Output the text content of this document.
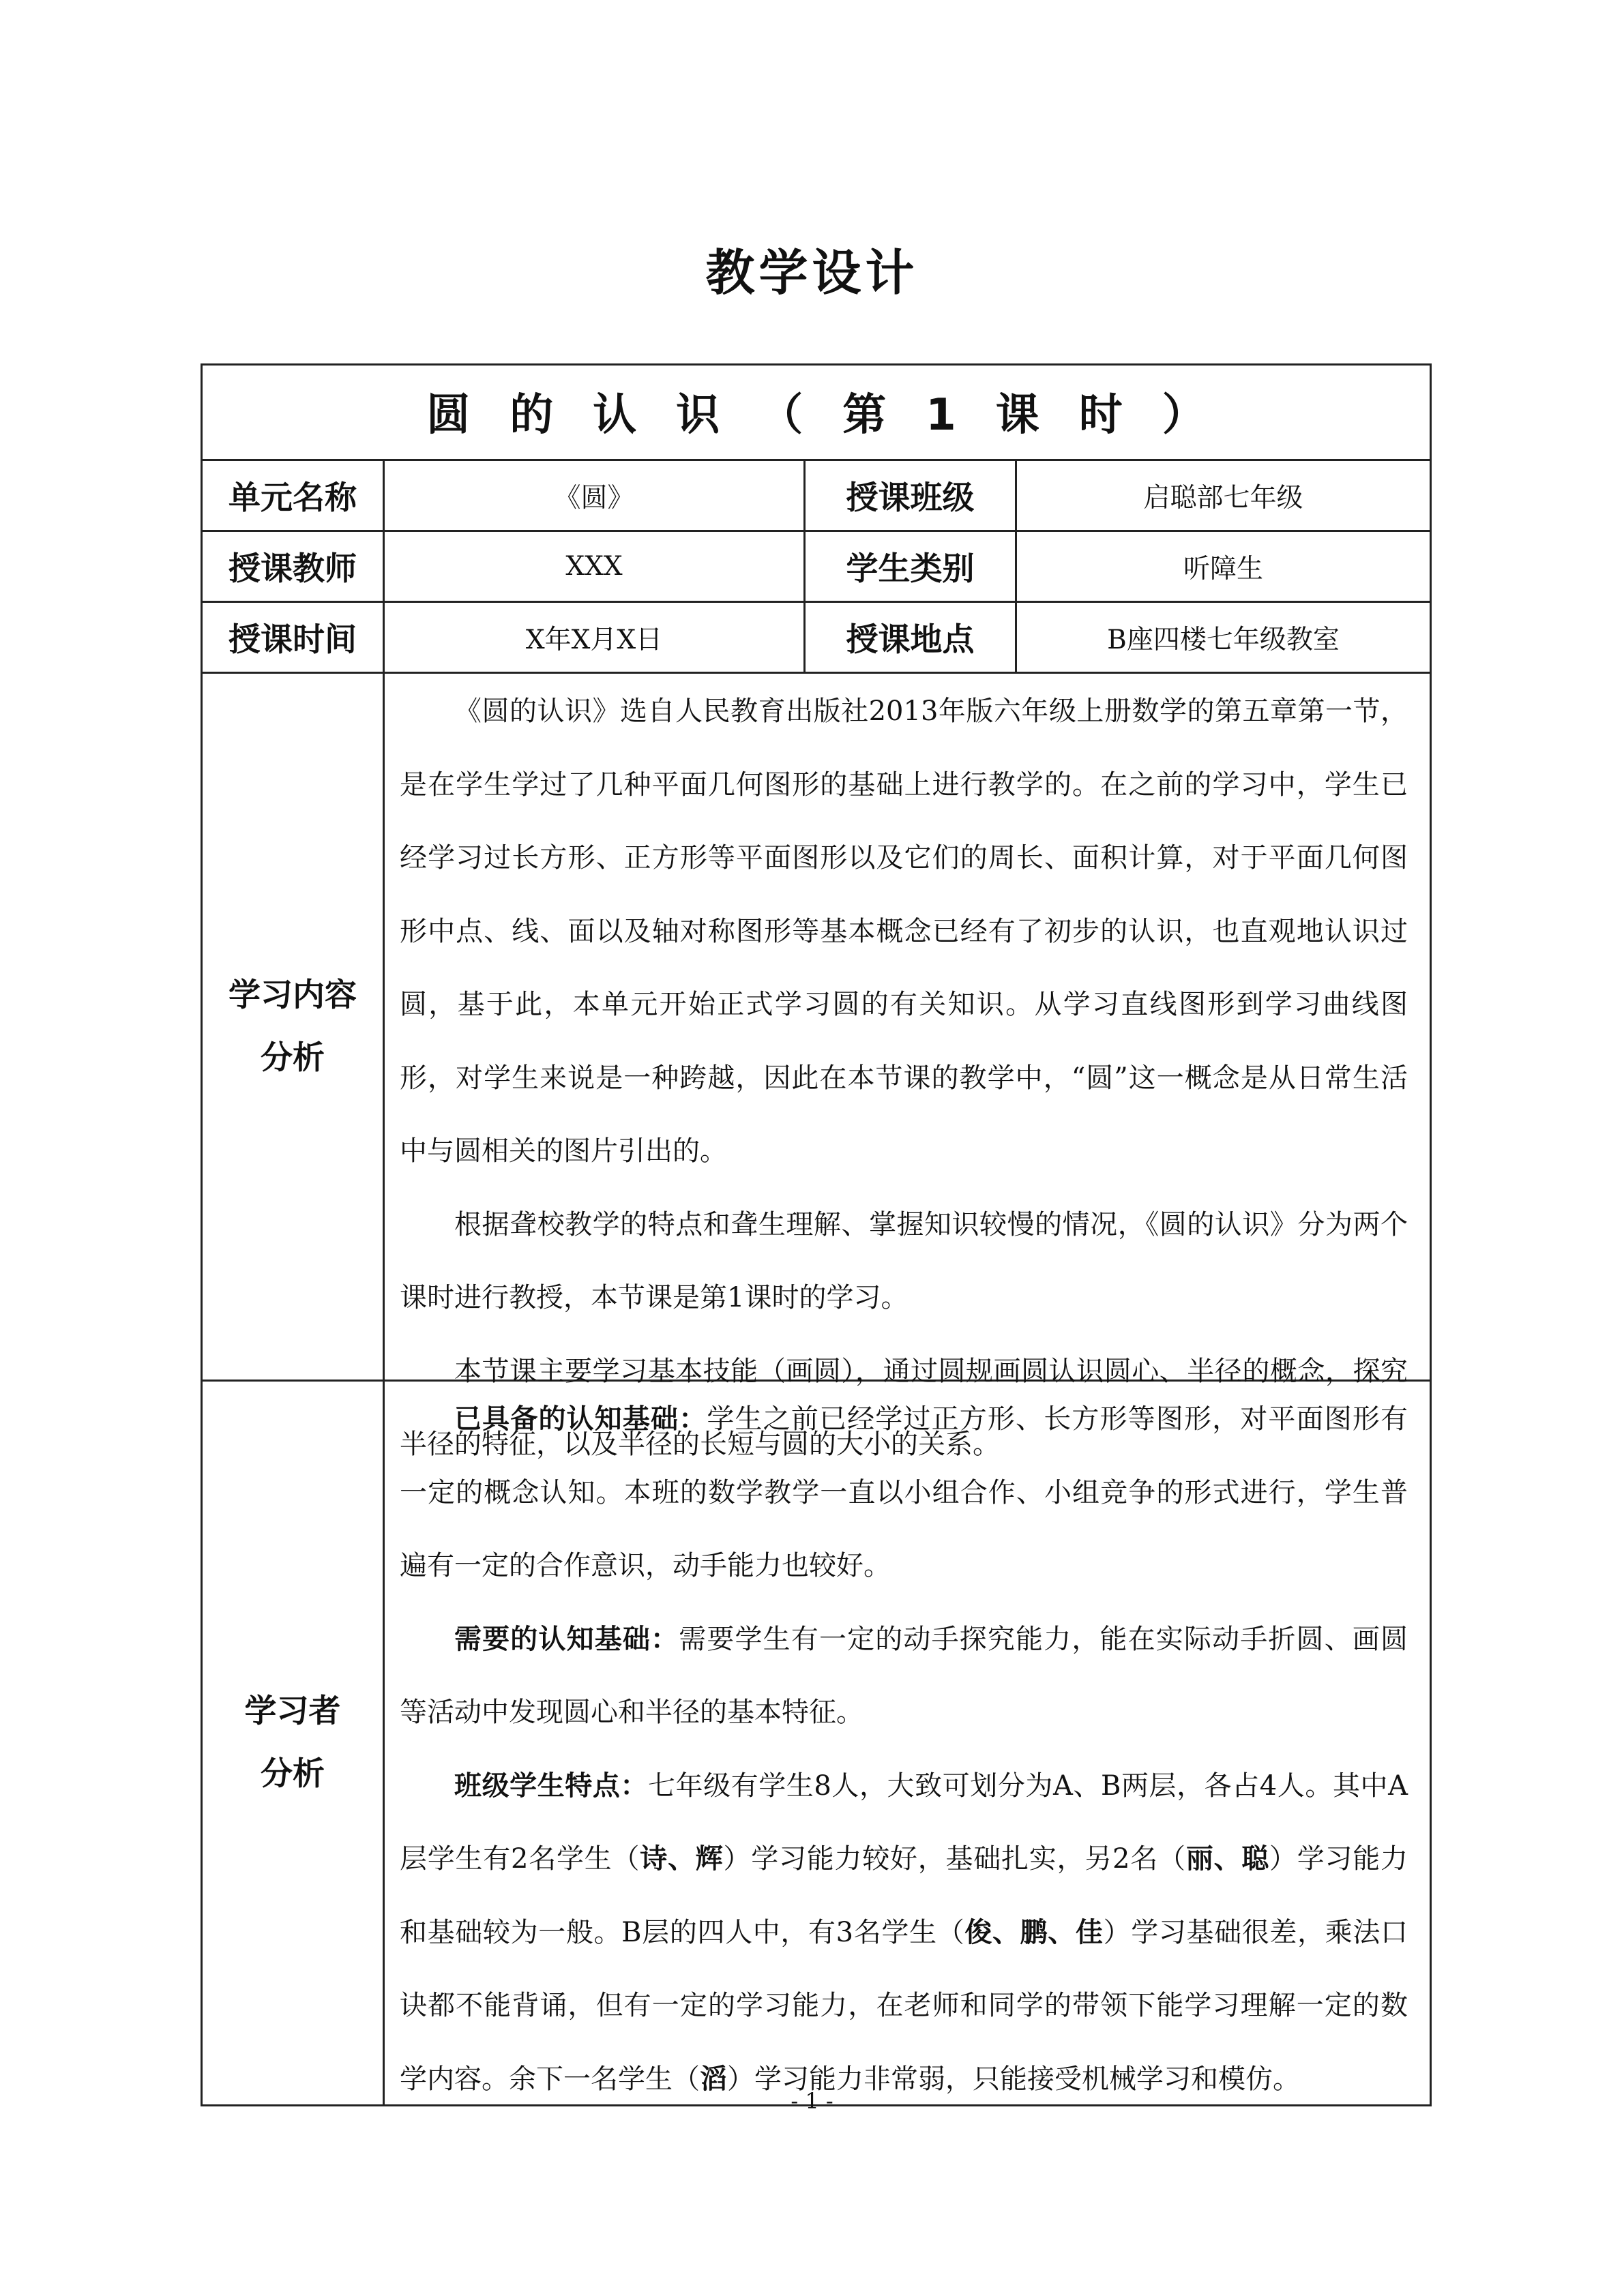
教学设计
圆的认识（第1课时）
单元名称	《圆》	授课班级	启聪部七年级
授课教师	XXX	学生类别	听障生
授课时间	X年X月X日	授课地点	B座四楼七年级教室
学习内容
分析

《圆的认识》选自人民教育出版社2013年版六年级上册数学的第五章第一节，是在学生学过了几种平面几何图形的基础上进行教学的。在之前的学习中，学生已经学习过长方形、正方形等平面图形以及它们的周长、面积计算，对于平面几何图形中点、线、面以及轴对称图形等基本概念已经有了初步的认识，也直观地认识过圆，基于此，本单元开始正式学习圆的有关知识。从学习直线图形到学习曲线图形，对学生来说是一种跨越，因此在本节课的教学中，“圆”这一概念是从日常生活中与圆相关的图片引出的。

根据聋校教学的特点和聋生理解、掌握知识较慢的情况，《圆的认识》分为两个课时进行教授，本节课是第1课时的学习。

本节课主要学习基本技能（画圆），通过圆规画圆认识圆心、半径的概念，探究半径的特征，以及半径的长短与圆的大小的关系。

学习者
分析

已具备的认知基础：学生之前已经学过正方形、长方形等图形，对平面图形有一定的概念认知。本班的数学教学一直以小组合作、小组竞争的形式进行，学生普遍有一定的合作意识，动手能力也较好。

需要的认知基础：需要学生有一定的动手探究能力，能在实际动手折圆、画圆等活动中发现圆心和半径的基本特征。

班级学生特点：七年级有学生8人，大致可划分为A、B两层，各占4人。其中A层学生有2名学生（诗、辉）学习能力较好，基础扎实，另2名（丽、聪）学习能力和基础较为一般。B层的四人中，有3名学生（俊、鹏、佳）学习基础很差，乘法口诀都不能背诵，但有一定的学习能力，在老师和同学的带领下能学习理解一定的数学内容。余下一名学生（滔）学习能力非常弱，只能接受机械学习和模仿。

- 1 -
